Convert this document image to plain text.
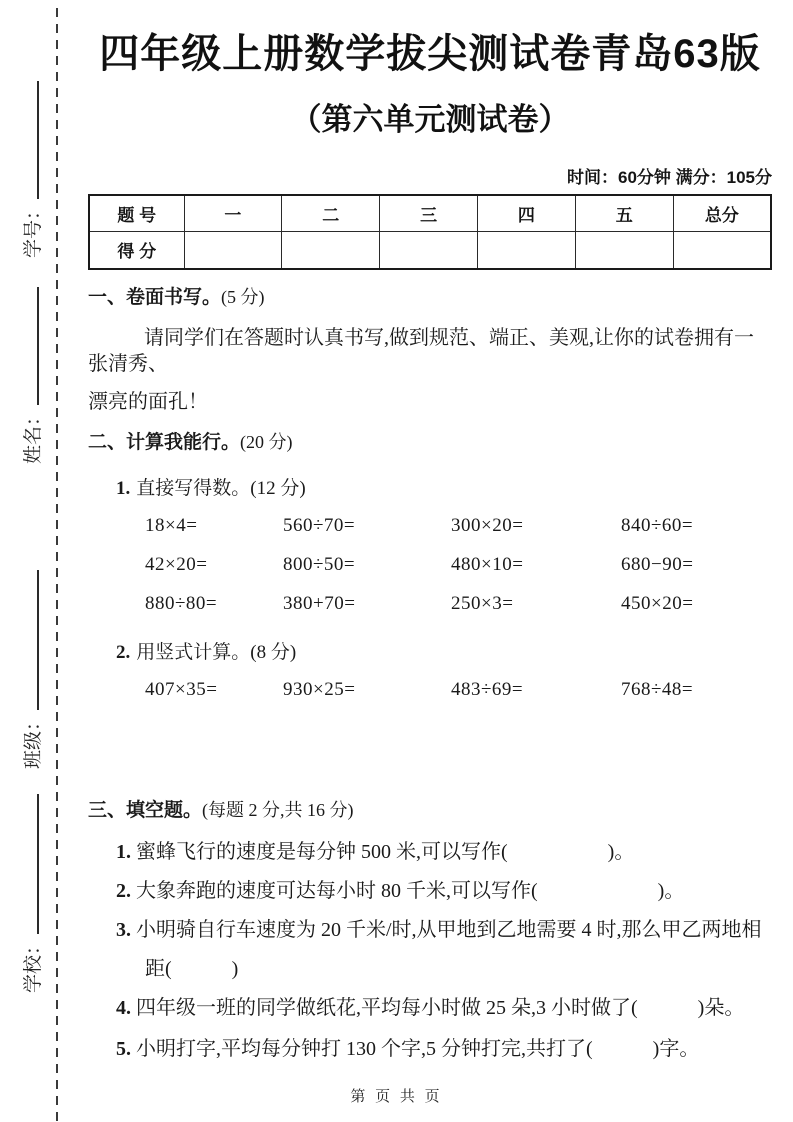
学号：
姓名：
班级：
学校：
四年级上册数学拔尖测试卷青岛63版
（第六单元测试卷）
时间：60分钟 满分：105分
题 号	一	二	三	四	五	总分
得 分						
一、卷面书写。(5 分)
请同学们在答题时认真书写,做到规范、端正、美观,让你的试卷拥有一张清秀、
漂亮的面孔！
二、计算我能行。(20 分)
1. 直接写得数。(12 分)
18×4=	560÷70=	300×20=	840÷60=
42×20=	800÷50=	480×10=	680−90=
880÷80=	380+70=	250×3=	450×20=
2. 用竖式计算。(8 分)
407×35=	930×25=	483÷69=	768÷48=
三、填空题。(每题 2 分,共 16 分)
1. 蜜蜂飞行的速度是每分钟 500 米,可以写作(　　　　　)。
2. 大象奔跑的速度可达每小时 80 千米,可以写作(　　　　　　)。
3. 小明骑自行车速度为 20 千米/时,从甲地到乙地需要 4 时,那么甲乙两地相
距(　　　)
4. 四年级一班的同学做纸花,平均每小时做 25 朵,3 小时做了(　　　)朵。
5. 小明打字,平均每分钟打 130 个字,5 分钟打完,共打了(　　　)字。
第 页 共 页
